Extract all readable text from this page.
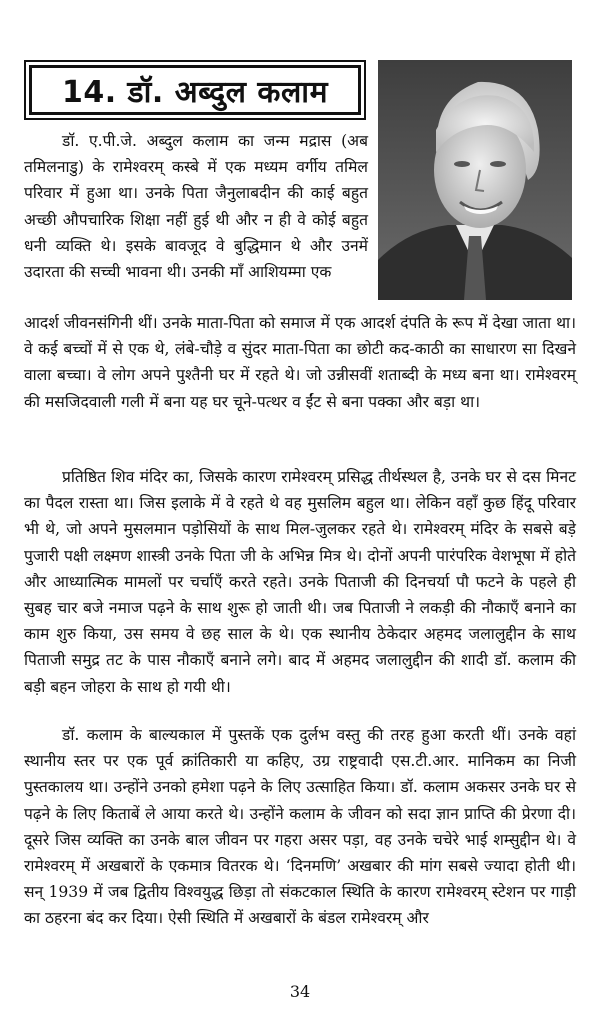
14. डॉ. अब्दुल कलाम

डॉ. ए.पी.जे. अब्दुल कलाम का जन्म मद्रास (अब तमिलनाडु) के रामेश्वरम् कस्बे में एक मध्यम वर्गीय तमिल परिवार में हुआ था। उनके पिता जैनुलाबदीन की काई बहुत अच्छी औपचारिक शिक्षा नहीं हुई थी और न ही वे कोई बहुत धनी व्यक्ति थे। इसके बावजूद वे बुद्धिमान थे और उनमें उदारता की सच्ची भावना थी। उनकी माँ आशियम्मा एक

आदर्श जीवनसंगिनी थीं। उनके माता-पिता को समाज में एक आदर्श दंपति के रूप में देखा जाता था। वे कई बच्चों में से एक थे, लंबे-चौड़े व सुंदर माता-पिता का छोटी कद-काठी का साधारण सा दिखने वाला बच्चा। वे लोग अपने पुश्तैनी घर में रहते थे। जो उन्नीसवीं शताब्दी के मध्य बना था। रामेश्वरम् की मसजिदवाली गली में बना यह घर चूने-पत्थर व ईंट से बना पक्का और बड़ा था।

प्रतिष्ठित शिव मंदिर का, जिसके कारण रामेश्वरम् प्रसिद्ध तीर्थस्थल है, उनके घर से दस मिनट का पैदल रास्ता था। जिस इलाके में वे रहते थे वह मुसलिम बहुल था। लेकिन वहाँ कुछ हिंदू परिवार भी थे, जो अपने मुसलमान पड़ोसियों के साथ मिल-जुलकर रहते थे। रामेश्वरम् मंदिर के सबसे बड़े पुजारी पक्षी लक्ष्मण शास्त्री उनके पिता जी के अभिन्न मित्र थे। दोनों अपनी पारंपरिक वेशभूषा में होते और आध्यात्मिक मामलों पर चर्चाएँ करते रहते। उनके पिताजी की दिनचर्या पौ फटने के पहले ही सुबह चार बजे नमाज पढ़ने के साथ शुरू हो जाती थी। जब पिताजी ने लकड़ी की नौकाएँ बनाने का काम शुरु किया, उस समय वे छह साल के थे। एक स्थानीय ठेकेदार अहमद जलालुद्दीन के साथ पिताजी समुद्र तट के पास नौकाएँ बनाने लगे। बाद में अहमद जलालुद्दीन की शादी डॉ. कलाम की बड़ी बहन जोहरा के साथ हो गयी थी।

डॉ. कलाम के बाल्यकाल में पुस्तकें एक दुर्लभ वस्तु की तरह हुआ करती थीं। उनके वहां स्थानीय स्तर पर एक पूर्व क्रांतिकारी या कहिए, उग्र राष्ट्रवादी एस.टी.आर. मानिकम का निजी पुस्तकालय था। उन्होंने उनको हमेशा पढ़ने के लिए उत्साहित किया। डॉ. कलाम अकसर उनके घर से पढ़ने के लिए किताबें ले आया करते थे। उन्होंने कलाम के जीवन को सदा ज्ञान प्राप्ति की प्रेरणा दी। दूसरे जिस व्यक्ति का उनके बाल जीवन पर गहरा असर पड़ा, वह उनके चचेरे भाई शम्सुद्दीन थे। वे रामेश्वरम् में अखबारों के एकमात्र वितरक थे। ‘दिनमणि’ अखबार की मांग सबसे ज्यादा होती थी। सन् 1939 में जब द्वितीय विश्वयुद्ध छिड़ा तो संकटकाल स्थिति के कारण रामेश्वरम् स्टेशन पर गाड़ी का ठहरना बंद कर दिया। ऐसी स्थिति में अखबारों के बंडल रामेश्वरम् और

34
